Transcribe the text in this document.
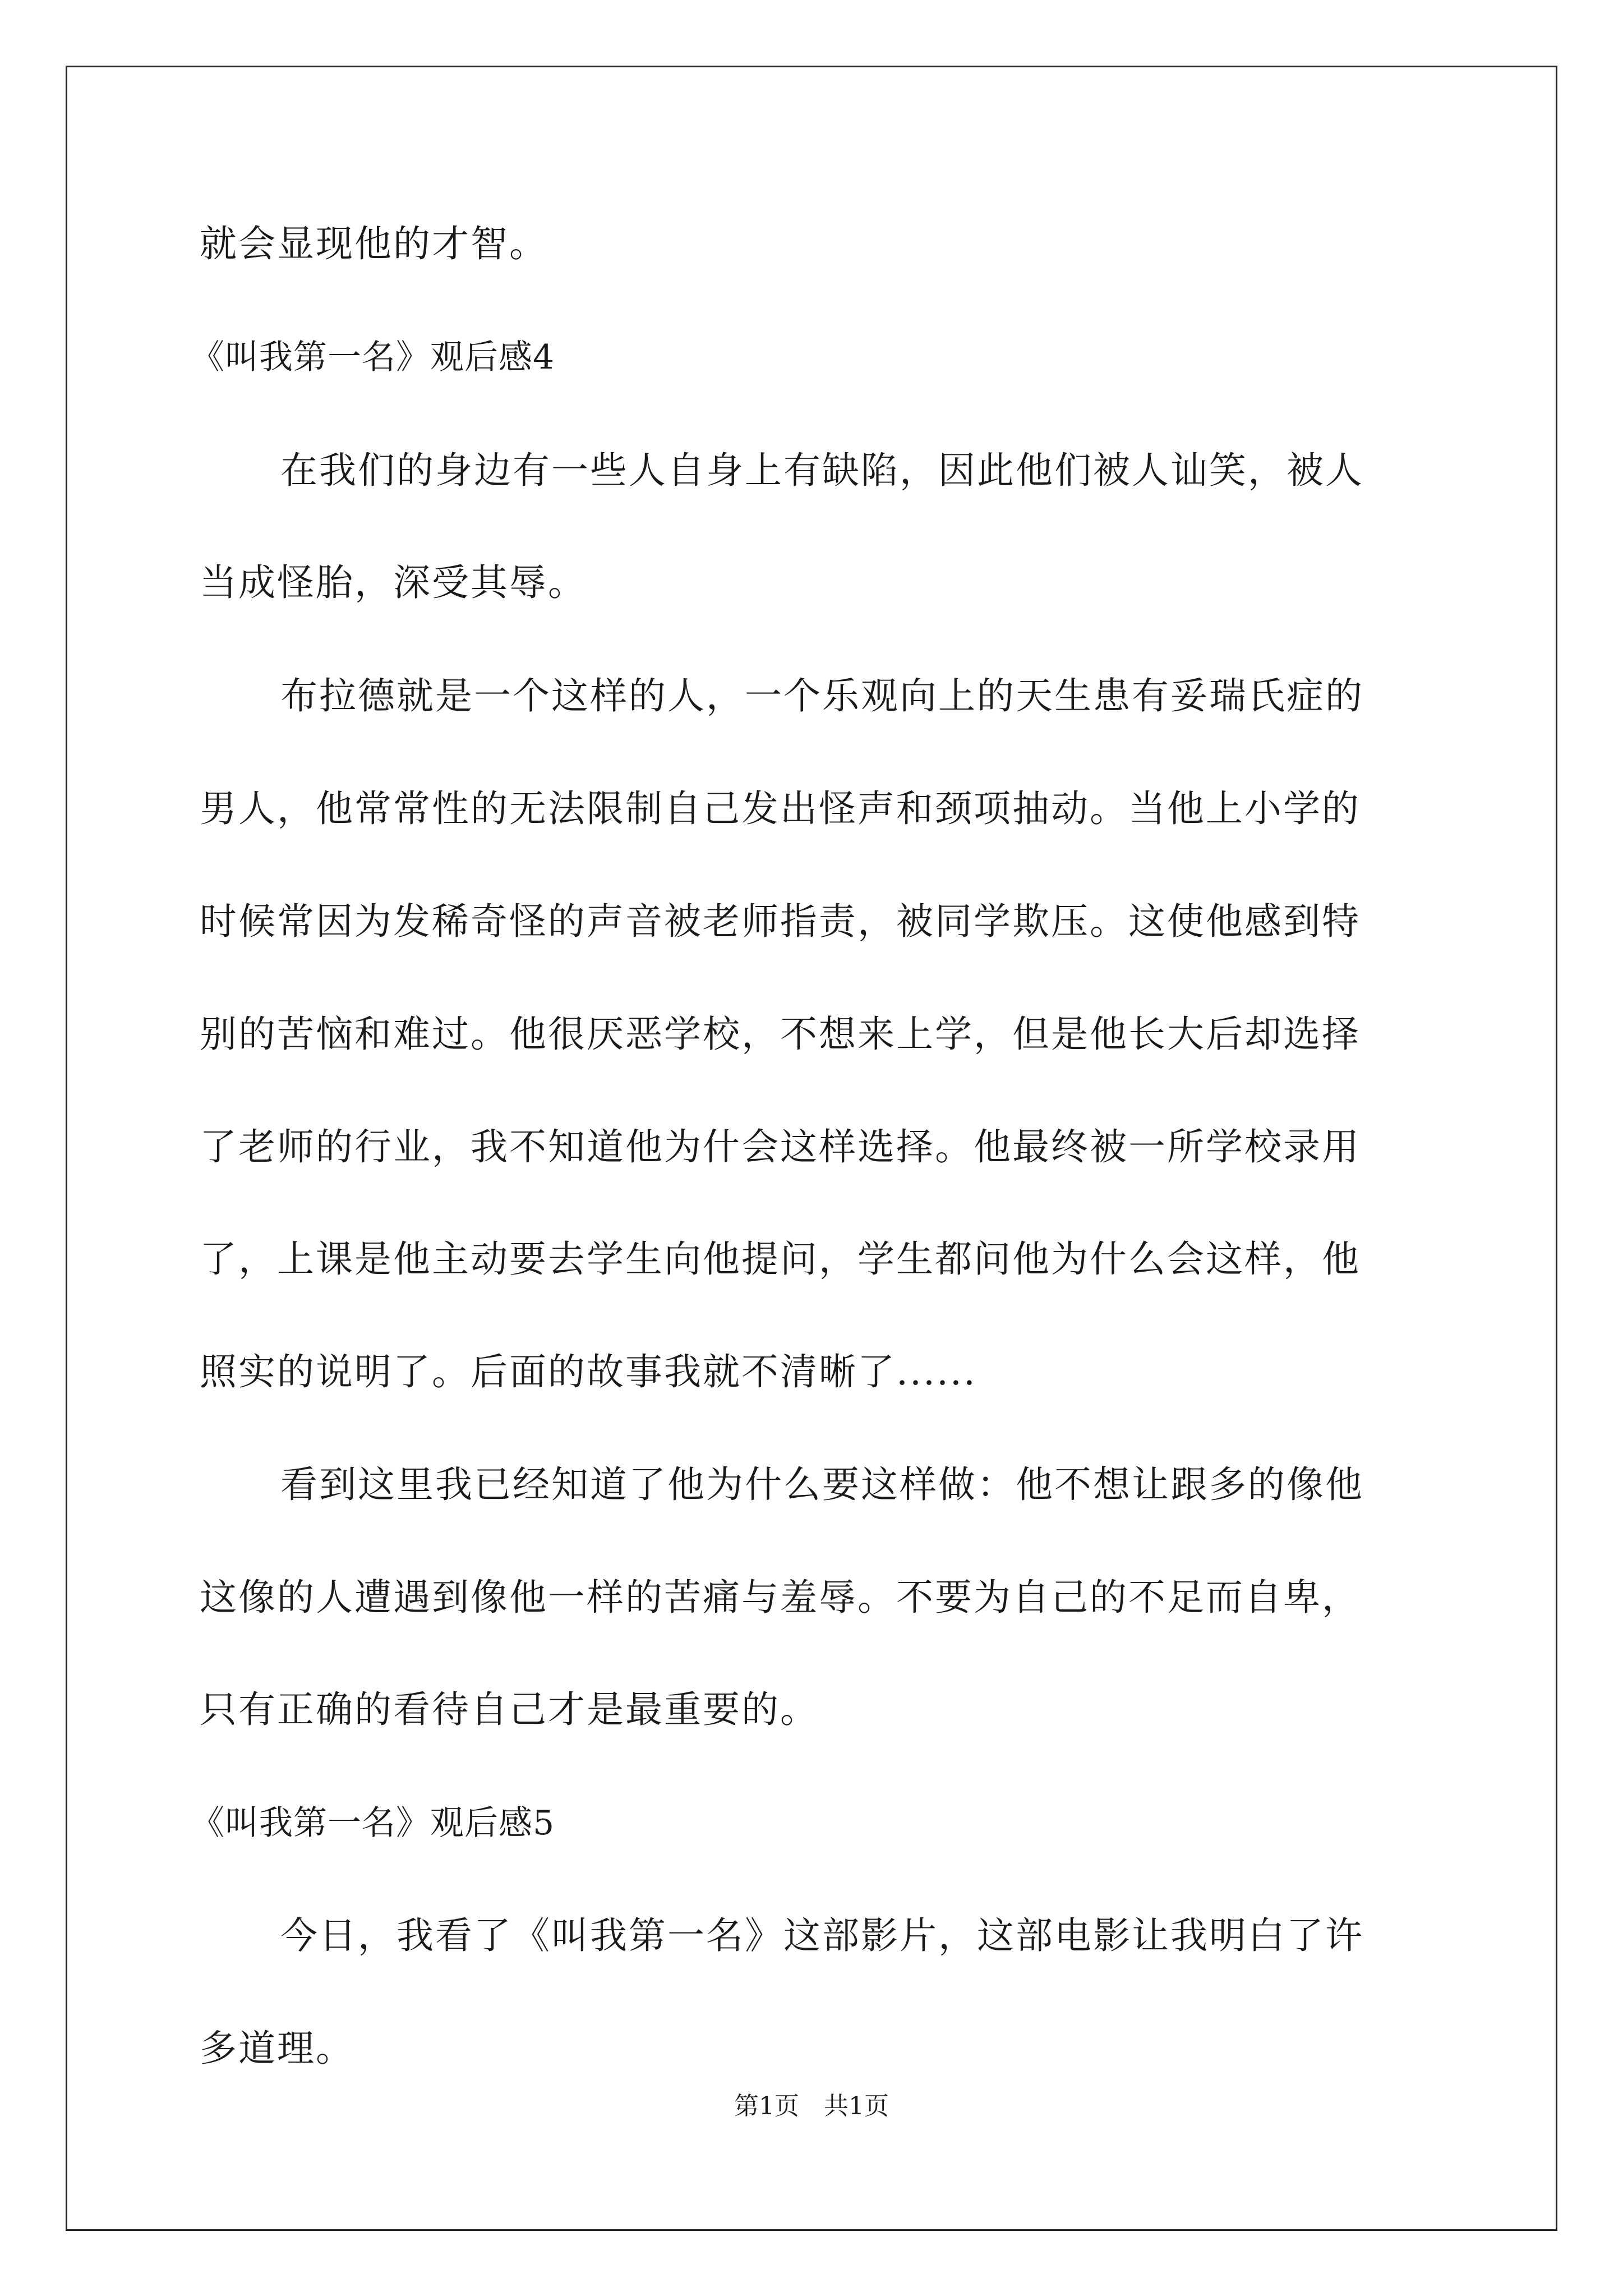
就会显现他的才智。
《叫我第一名》观后感4
在我们的身边有一些人自身上有缺陷，因此他们被人讪笑，被人
当成怪胎，深受其辱。
布拉德就是一个这样的人，一个乐观向上的天生患有妥瑞氏症的
男人，他常常性的无法限制自己发出怪声和颈项抽动。当他上小学的
时候常因为发稀奇怪的声音被老师指责，被同学欺压。这使他感到特
别的苦恼和难过。他很厌恶学校，不想来上学，但是他长大后却选择
了老师的行业，我不知道他为什会这样选择。他最终被一所学校录用
了，上课是他主动要去学生向他提问，学生都问他为什么会这样，他
照实的说明了。后面的故事我就不清晰了......
看到这里我已经知道了他为什么要这样做：他不想让跟多的像他
这像的人遭遇到像他一样的苦痛与羞辱。不要为自己的不足而自卑，
只有正确的看待自己才是最重要的。
《叫我第一名》观后感5
今日，我看了《叫我第一名》这部影片，这部电影让我明白了许
多道理。
第1页　共1页
